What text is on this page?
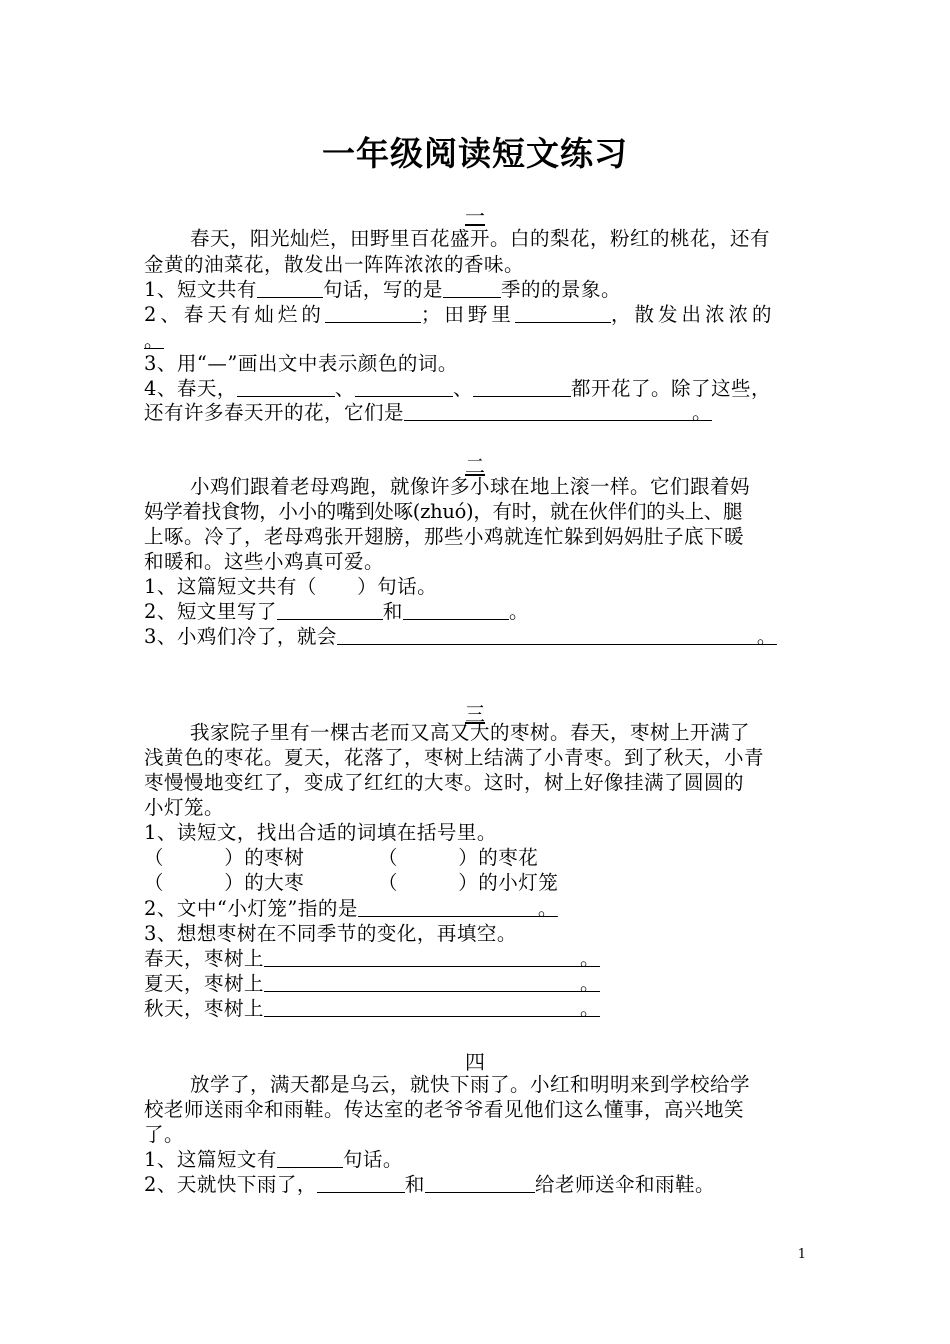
一年级阅读短文练习
一
春天，阳光灿烂，田野里百花盛开。白的梨花，粉红的桃花，还有
金黄的油菜花，散发出一阵阵浓浓的香味。
1、短文共有	句话，写的是	季的的景象。
2、春天有灿烂的	；田野里	，散发出浓浓的
。
3、用“—”画出文中表示颜色的词。
4、春天，	、	、	都开花了。除了这些，
还有许多春天开的花，它们是	。
二
小鸡们跟着老母鸡跑，就像许多小球在地上滚一样。它们跟着妈
妈学着找食物，小小的嘴到处啄(zhuó)，有时，就在伙伴们的头上、腿
上啄。冷了，老母鸡张开翅膀，那些小鸡就连忙躲到妈妈肚子底下暖
和暖和。这些小鸡真可爱。
1、这篇短文共有（      ）句话。
2、短文里写了	和	。
3、小鸡们冷了，就会	。
三
我家院子里有一棵古老而又高又大的枣树。春天，枣树上开满了
浅黄色的枣花。夏天，花落了，枣树上结满了小青枣。到了秋天，小青
枣慢慢地变红了，变成了红红的大枣。这时，树上好像挂满了圆圆的
小灯笼。
1、读短文，找出合适的词填在括号里。
（         ）的枣树	（         ）的枣花
（         ）的大枣	（         ）的小灯笼
2、文中“小灯笼”指的是	。
3、想想枣树在不同季节的变化，再填空。
春天，枣树上	。
夏天，枣树上	。
秋天，枣树上	。
四
放学了，满天都是乌云，就快下雨了。小红和明明来到学校给学
校老师送雨伞和雨鞋。传达室的老爷爷看见他们这么懂事，高兴地笑
了。
1、这篇短文有	句话。
2、天就快下雨了，	和	给老师送伞和雨鞋。
1
